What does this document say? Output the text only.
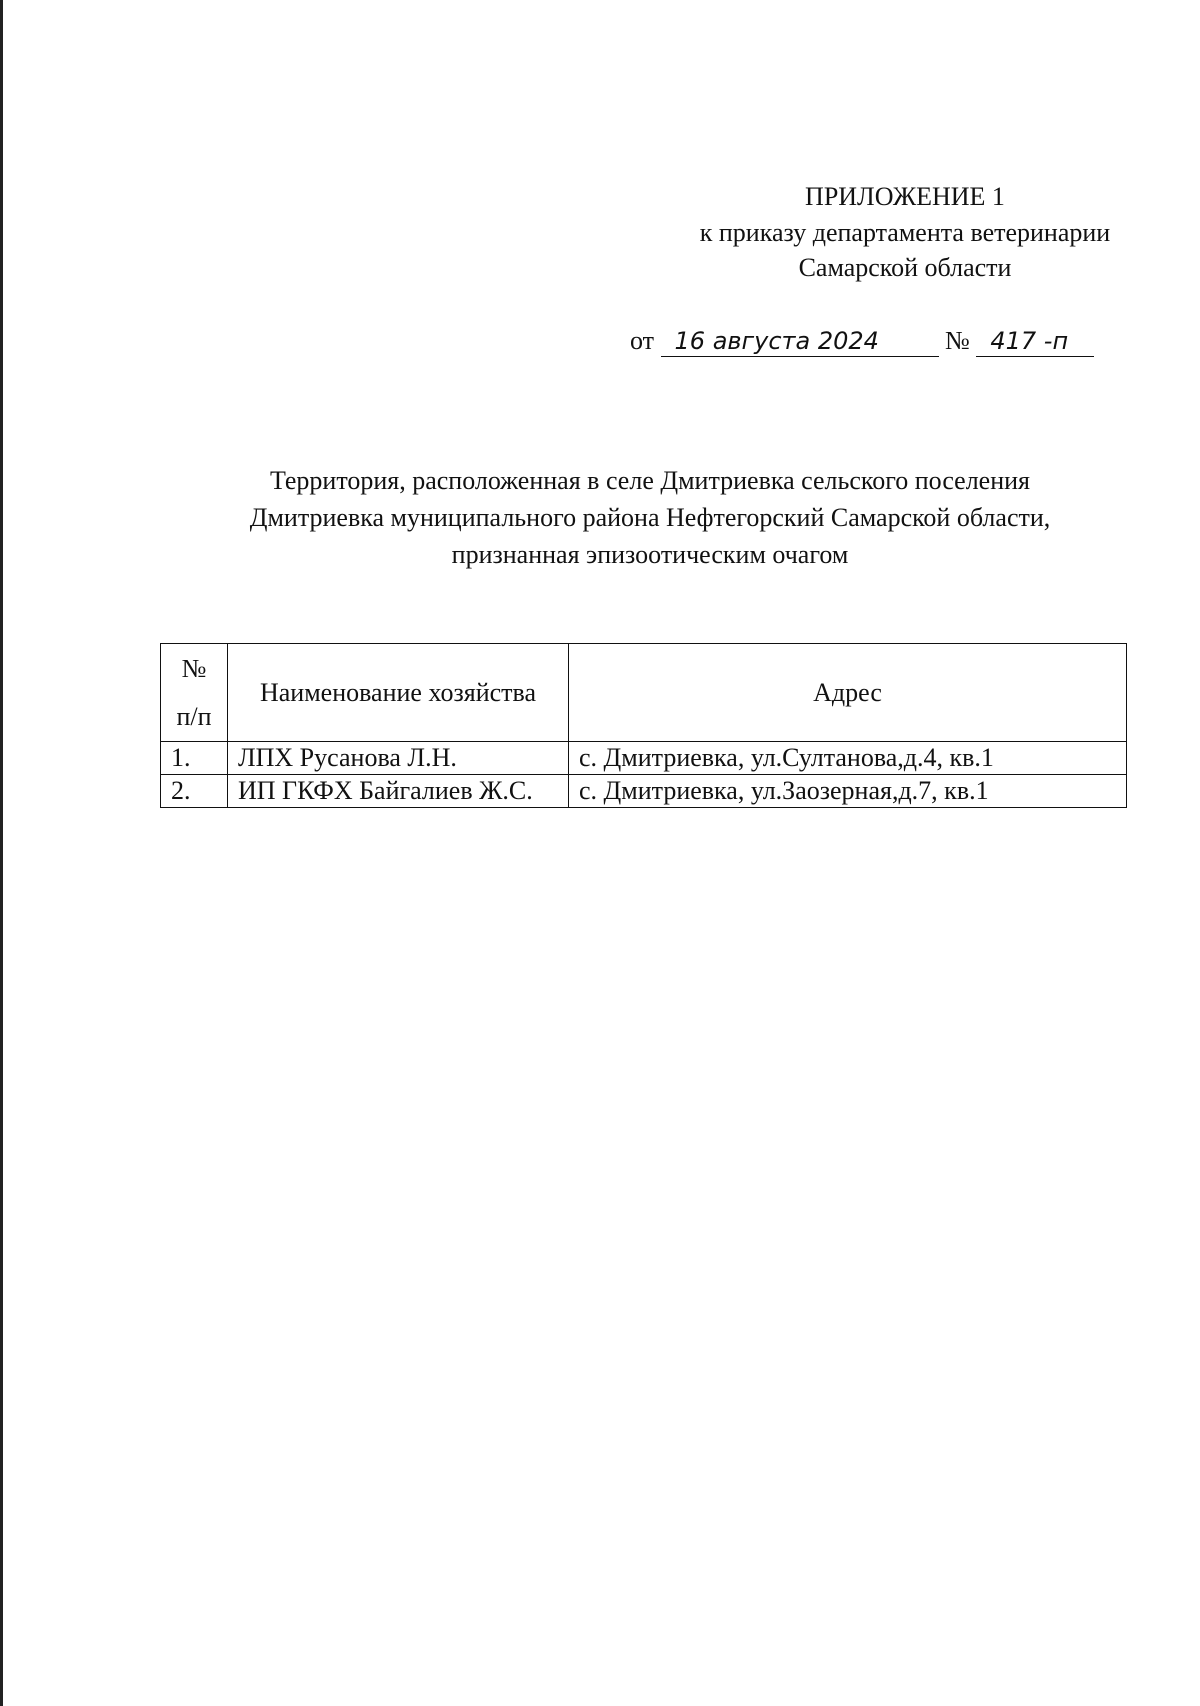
ПРИЛОЖЕНИЕ 1
к приказу департамента ветеринарии
Самарской области
от 16 августа 2024	№ 417 -п
Территория, расположенная в селе Дмитриевка сельского поселения
Дмитриевка муниципального района Нефтегорский Самарской области,
признанная эпизоотическим очагом
№
п/п	Наименование хозяйства	Адрес
1.	ЛПХ Русанова Л.Н.	с. Дмитриевка, ул.Султанова,д.4, кв.1
2.	ИП ГКФХ Байгалиев Ж.С.	с. Дмитриевка, ул.Заозерная,д.7, кв.1
